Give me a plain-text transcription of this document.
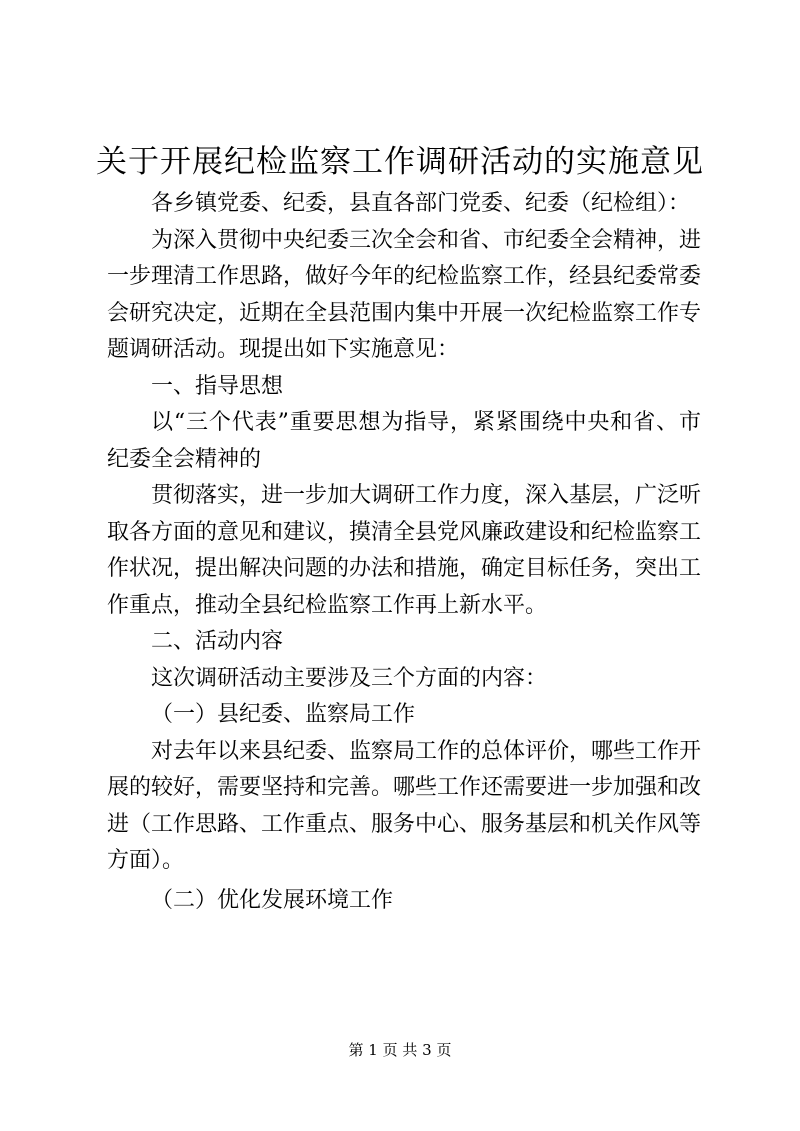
关于开展纪检监察工作调研活动的实施意见

各乡镇党委、纪委，县直各部门党委、纪委（纪检组）：

为深入贯彻中央纪委三次全会和省、市纪委全会精神，进一步理清工作思路，做好今年的纪检监察工作，经县纪委常委会研究决定，近期在全县范围内集中开展一次纪检监察工作专题调研活动。现提出如下实施意见：

一、指导思想

以“三个代表”重要思想为指导，紧紧围绕中央和省、市纪委全会精神的

贯彻落实，进一步加大调研工作力度，深入基层，广泛听取各方面的意见和建议，摸清全县党风廉政建设和纪检监察工作状况，提出解决问题的办法和措施，确定目标任务，突出工作重点，推动全县纪检监察工作再上新水平。

二、活动内容

这次调研活动主要涉及三个方面的内容：

（一）县纪委、监察局工作

对去年以来县纪委、监察局工作的总体评价，哪些工作开展的较好，需要坚持和完善。哪些工作还需要进一步加强和改进（工作思路、工作重点、服务中心、服务基层和机关作风等方面）。

（二）优化发展环境工作

第 1 页 共 3 页
